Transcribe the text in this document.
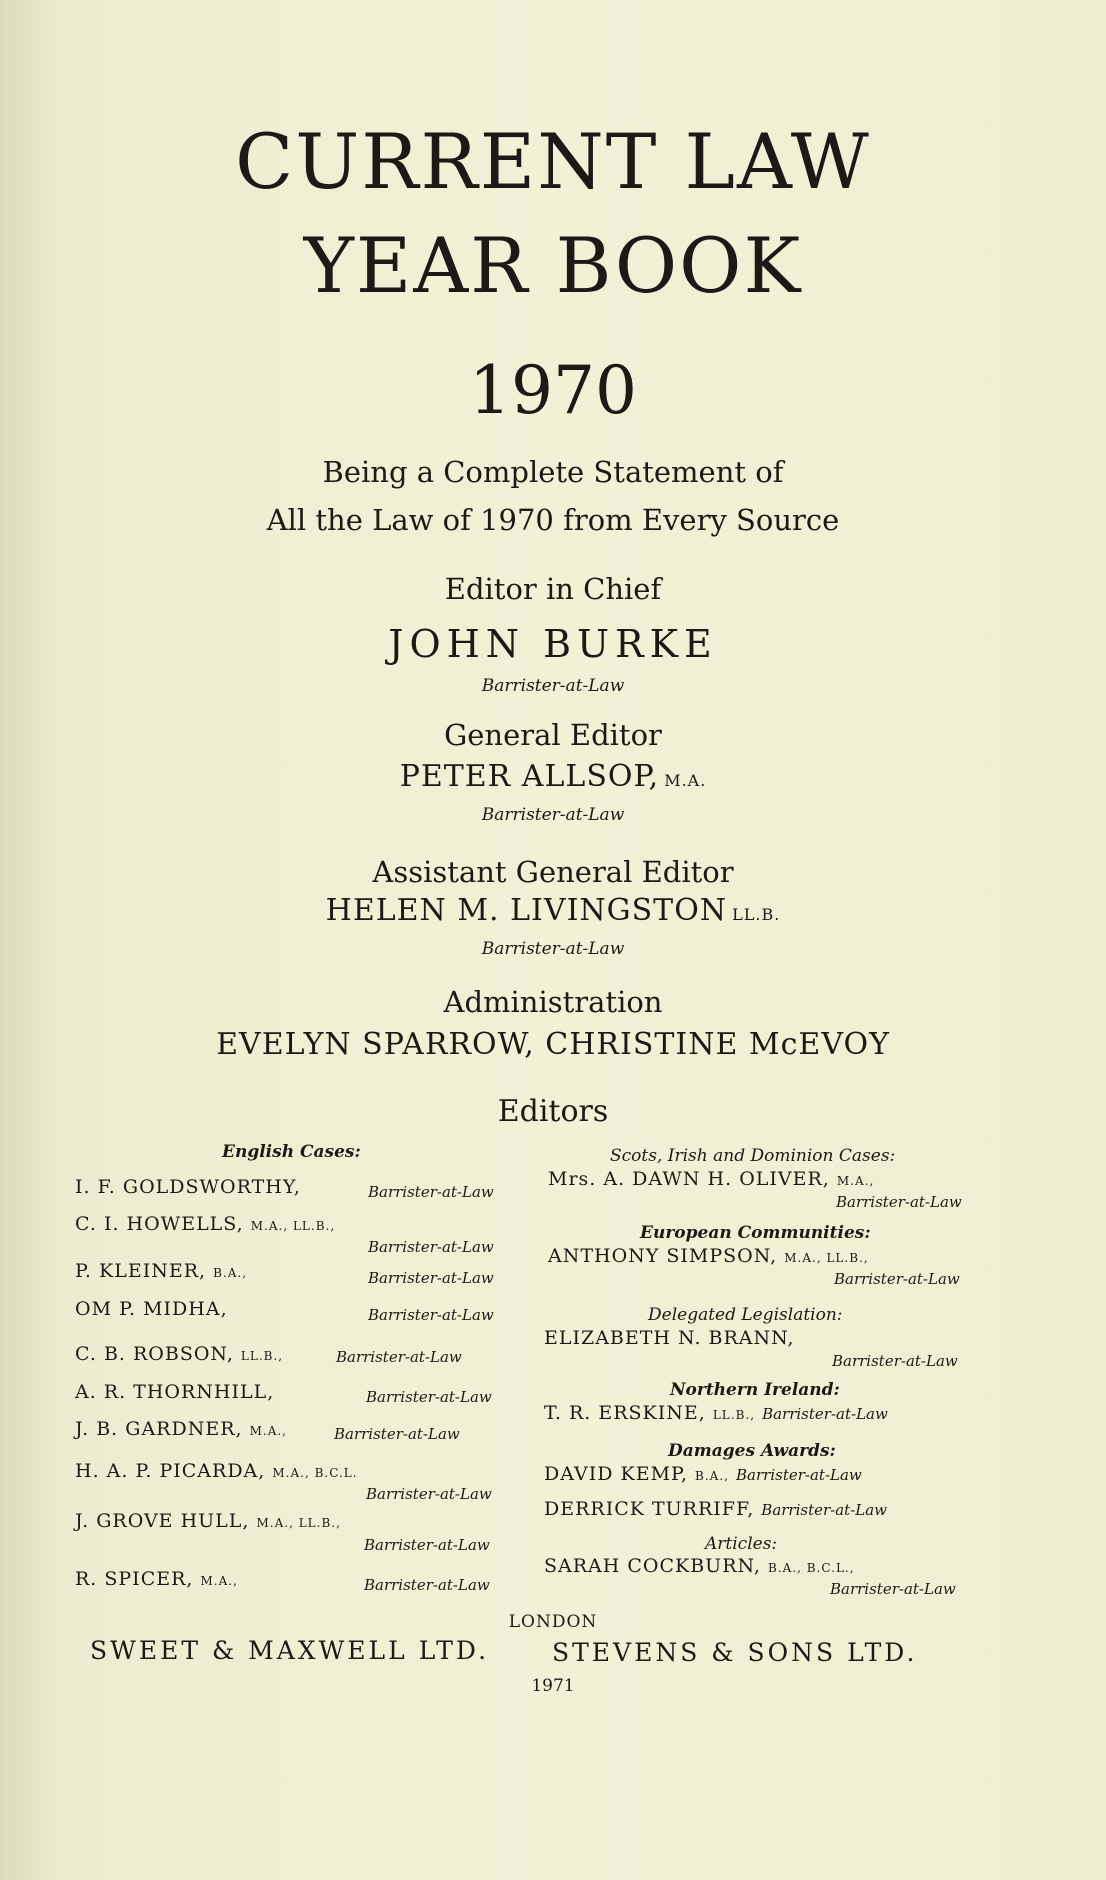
CURRENT LAW
YEAR BOOK
1970
Being a Complete Statement of
All the Law of 1970 from Every Source
Editor in Chief
JOHN BURKE
Barrister-at-Law
General Editor
PETER ALLSOP, M.A.
Barrister-at-Law
Assistant General Editor
HELEN M. LIVINGSTON LL.B.
Barrister-at-Law
Administration
EVELYN SPARROW, CHRISTINE McEVOY
Editors
English Cases:
I. F. GOLDSWORTHY,	Barrister-at-Law
C. I. HOWELLS, M.A., LL.B.,
Barrister-at-Law
P. KLEINER, B.A.,	Barrister-at-Law
OM P. MIDHA,	Barrister-at-Law
C. B. ROBSON, LL.B.,	Barrister-at-Law
A. R. THORNHILL,	Barrister-at-Law
J. B. GARDNER, M.A.,	Barrister-at-Law
H. A. P. PICARDA, M.A., B.C.L.
Barrister-at-Law
J. GROVE HULL, M.A., LL.B.,
Barrister-at-Law
R. SPICER, M.A.,	Barrister-at-Law
Scots, Irish and Dominion Cases:
Mrs. A. DAWN H. OLIVER, M.A.,
Barrister-at-Law
European Communities:
ANTHONY SIMPSON, M.A., LL.B.,
Barrister-at-Law
Delegated Legislation:
ELIZABETH N. BRANN,
Barrister-at-Law
Northern Ireland:
T. R. ERSKINE, LL.B., Barrister-at-Law
Damages Awards:
DAVID KEMP, B.A., Barrister-at-Law
DERRICK TURRIFF, Barrister-at-Law
Articles:
SARAH COCKBURN, B.A., B.C.L.,
Barrister-at-Law
LONDON
SWEET & MAXWELL LTD.	STEVENS & SONS LTD.
1971
